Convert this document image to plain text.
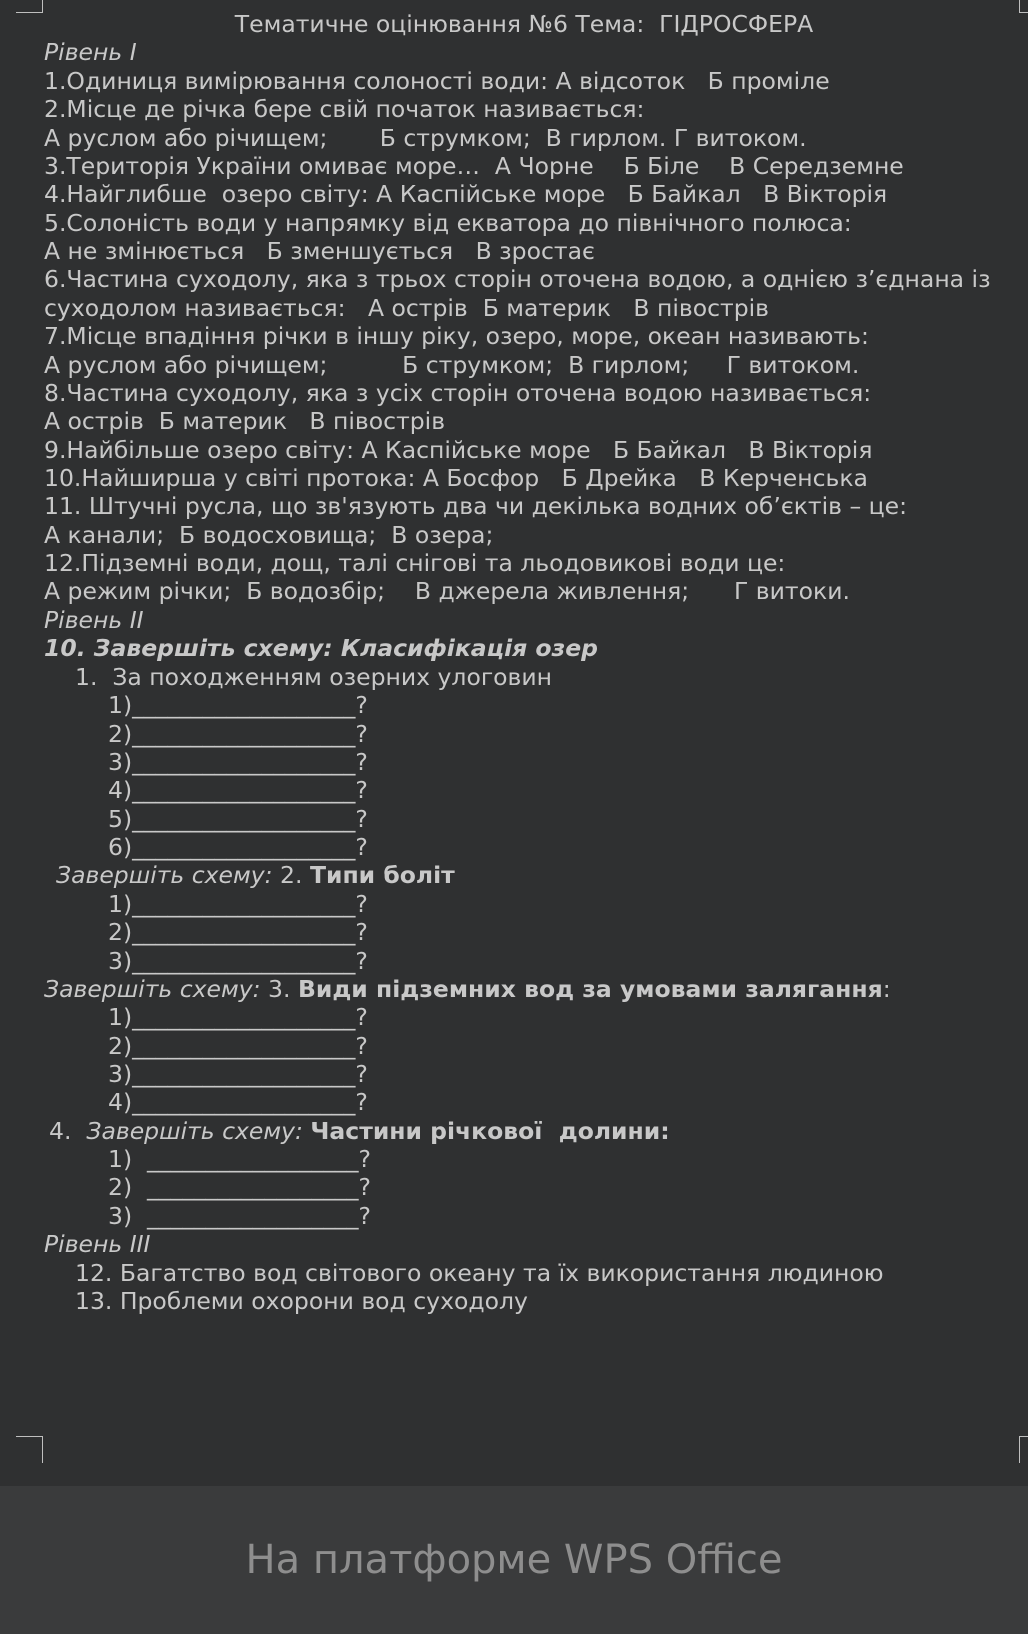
Тематичне оцінювання №6 Тема:  ГІДРОСФЕРА
Рівень І
1.Одиниця вимірювання солоності води: А відсоток   Б проміле
2.Місце де річка бере свій початок називається:
А руслом або річищем;       Б струмком;  В гирлом. Г витоком.
3.Територія України омиває море…  А Чорне    Б Біле    В Середземне
4.Найглибше  озеро світу: А Каспійське море   Б Байкал   В Вікторія
5.Солоність води у напрямку від екватора до північного полюса:
А не змінюється   Б зменшується   В зростає
6.Частина суходолу, яка з трьох сторін оточена водою, а однією з’єднана із
суходолом називається:   А острів  Б материк   В півострів
7.Місце впадіння річки в іншу ріку, озеро, море, океан називають:
А руслом або річищем;          Б струмком;  В гирлом;     Г витоком.
8.Частина суходолу, яка з усіх сторін оточена водою називається:
А острів  Б материк   В півострів
9.Найбільше озеро світу: А Каспійське море   Б Байкал   В Вікторія
10.Найширша у світі протока: А Босфор   Б Дрейка   В Керченська
11. Штучні русла, що зв'язують два чи декілька водних об’єктів – це:
А канали;  Б водосховища;  В озера;
12.Підземні води, дощ, талі снігові та льодовикові води це:
А режим річки;  Б водозбір;    В джерела живлення;      Г витоки.
Рівень ІІ
10. Завершіть схему: Класифікація озер
1.  За походженням озерних улоговин
1)___________________?
2)___________________?
3)___________________?
4)___________________?
5)___________________?
6)___________________?
Завершіть схему: 2. Типи боліт
1)___________________?
2)___________________?
3)___________________?
Завершіть схему: 3. Види підземних вод за умовами залягання:
1)___________________?
2)___________________?
3)___________________?
4)___________________?
4.  Завершіть схему: Частини річкової  долини:
1)  __________________?
2)  __________________?
3)  __________________?
Рівень ІІІ
12. Багатство вод світового океану та їх використання людиною
13. Проблеми охорони вод суходолу
На платформе WPS Office
